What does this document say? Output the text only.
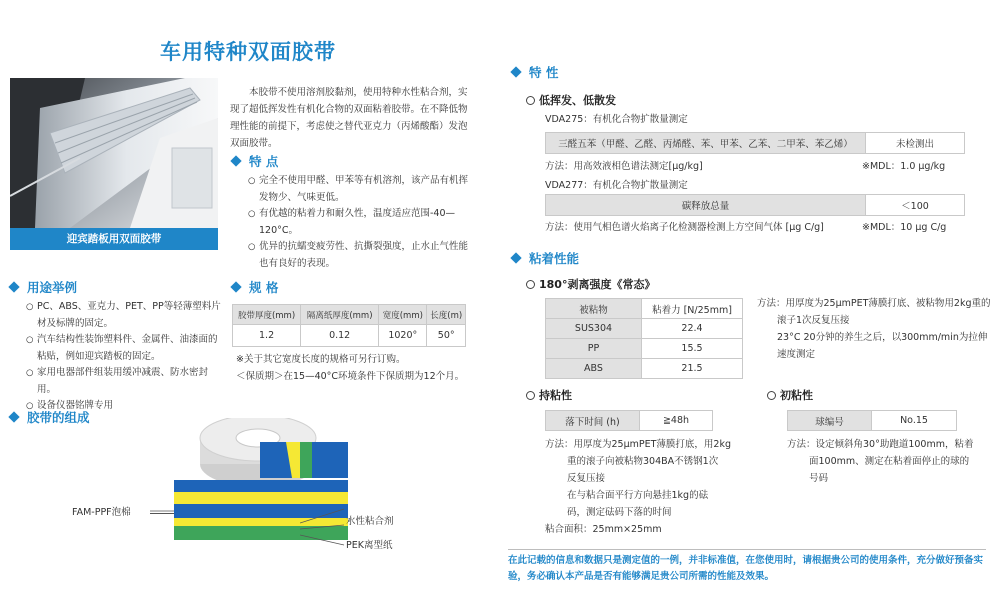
车用特种双面胶带
迎宾踏板用双面胶带
本胶带不使用溶剂胶黏剂，使用特种水性粘合剂，实现了超低挥发性有机化合物的双面粘着胶带。在不降低物理性能的前提下，考虑使之替代亚克力（丙烯酸酯）发泡双面胶带。
特 点
○ 完全不使用甲醛、甲苯等有机溶剂，该产品有机挥发物少、气味更低。
○ 有优越的粘着力和耐久性，温度适应范围-40—120°C。
○ 优异的抗蠕变疲劳性、抗撕裂强度，止水止气性能也有良好的表现。
用途举例
○ PC、ABS、亚克力、PET、PP等轻薄塑料片材及标牌的固定。
○ 汽车结构性装饰塑料件、金属件、油漆面的粘贴，例如迎宾踏板的固定。
○ 家用电器部件组装用缓冲减震、防水密封用。
○ 设备仪器铭牌专用
规 格
胶带厚度(mm)	隔离纸厚度(mm)	宽度(mm)	长度(m)
1.2	0.12	1020°	50°
※关于其它宽度长度的规格可另行订购。
＜保质期＞在15—40°C环境条件下保质期为12个月。
胶带的组成
FAM-PPF泡棉
水性粘合剂
PEK离型纸
特 性
低挥发、低散发
VDA275：有机化合物扩散量测定
三醛五苯（甲醛、乙醛、丙烯醛、苯、甲苯、乙苯、二甲苯、苯乙烯）	未检测出
方法：用高效液相色谱法测定[μg/kg]	※MDL：1.0 μg/kg
VDA277：有机化合物扩散量测定
碳释放总量	＜100
方法：使用气相色谱火焰离子化检测器检测上方空间气体 [μg C/g]	※MDL：10 μg C/g
粘着性能
180°剥离强度《常态》
被粘物	粘着力 [N/25mm]
SUS304	22.4
PP	15.5
ABS	21.5
方法：用厚度为25μmPET薄膜打底、被粘物用2kg重的
滚子1次反复压接
23°C 20分钟的养生之后，以300mm/min为拉伸
速度测定
持粘性
落下时间 (h)	≧48h
方法：用厚度为25μmPET薄膜打底，用2kg
重的滚子向被粘物304BA不锈钢1次
反复压接
在与粘合面平行方向悬挂1kg的砝
码，测定砝码下落的时间
粘合面积：25mm×25mm
初粘性
球编号	No.15
方法：设定倾斜角30°助跑道100mm，粘着
面100mm、测定在粘着面停止的球的
号码
在此记载的信息和数据只是测定值的一例，并非标准值，在您使用时，请根据贵公司的使用条件，充分做好预备实验，务必确认本产品是否有能够满足贵公司所需的性能及效果。
